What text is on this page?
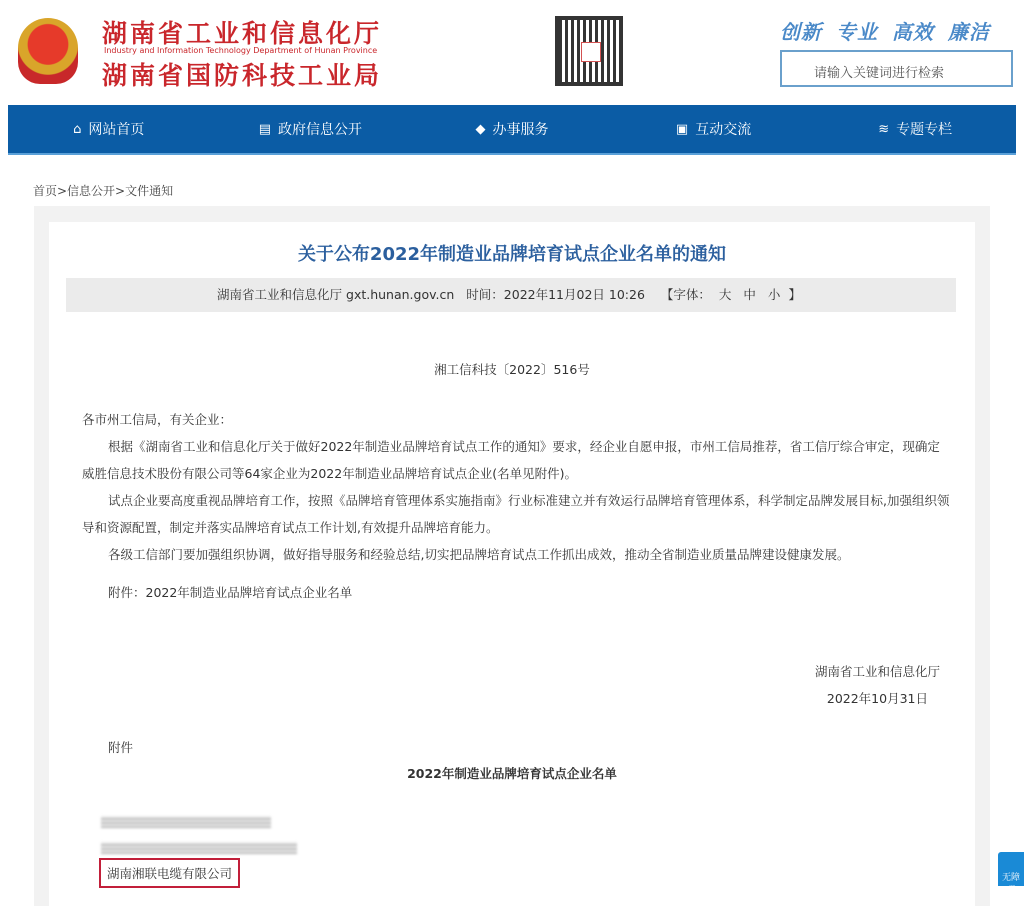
湖南省工业和信息化厅
Industry and Information Technology Department of Hunan Province
湖南省国防科技工业局
创新 专业 高效 廉洁
请输入关键词进行检索
⌂ 网站首页	▤ 政府信息公开	◆ 办事服务	▣ 互动交流	≋ 专题专栏
首页>信息公开>文件通知
关于公布2022年制造业品牌培育试点企业名单的通知
湖南省工业和信息化厅 gxt.hunan.gov.cn 时间：2022年11月02日 10:26 【字体： 大 中 小 】
湘工信科技〔2022〕516号

各市州工信局，有关企业：

根据《湖南省工业和信息化厅关于做好2022年制造业品牌培育试点工作的通知》要求，经企业自愿申报，市州工信局推荐，省工信厅综合审定，现确定威胜信息技术股份有限公司等64家企业为2022年制造业品牌培育试点企业(名单见附件)。

试点企业要高度重视品牌培育工作，按照《品牌培育管理体系实施指南》行业标准建立并有效运行品牌培育管理体系，科学制定品牌发展目标,加强组织领导和资源配置，制定并落实品牌培育试点工作计划,有效提升品牌培育能力。

各级工信部门要加强组织协调，做好指导服务和经验总结,切实把品牌培育试点工作抓出成效，推动全省制造业质量品牌建设健康发展。

附件：2022年制造业品牌培育试点企业名单
湖南省工业和信息化厅
2022年10月31日
附件
2022年制造业品牌培育试点企业名单
湖南湘联电缆有限公司	无障碍
